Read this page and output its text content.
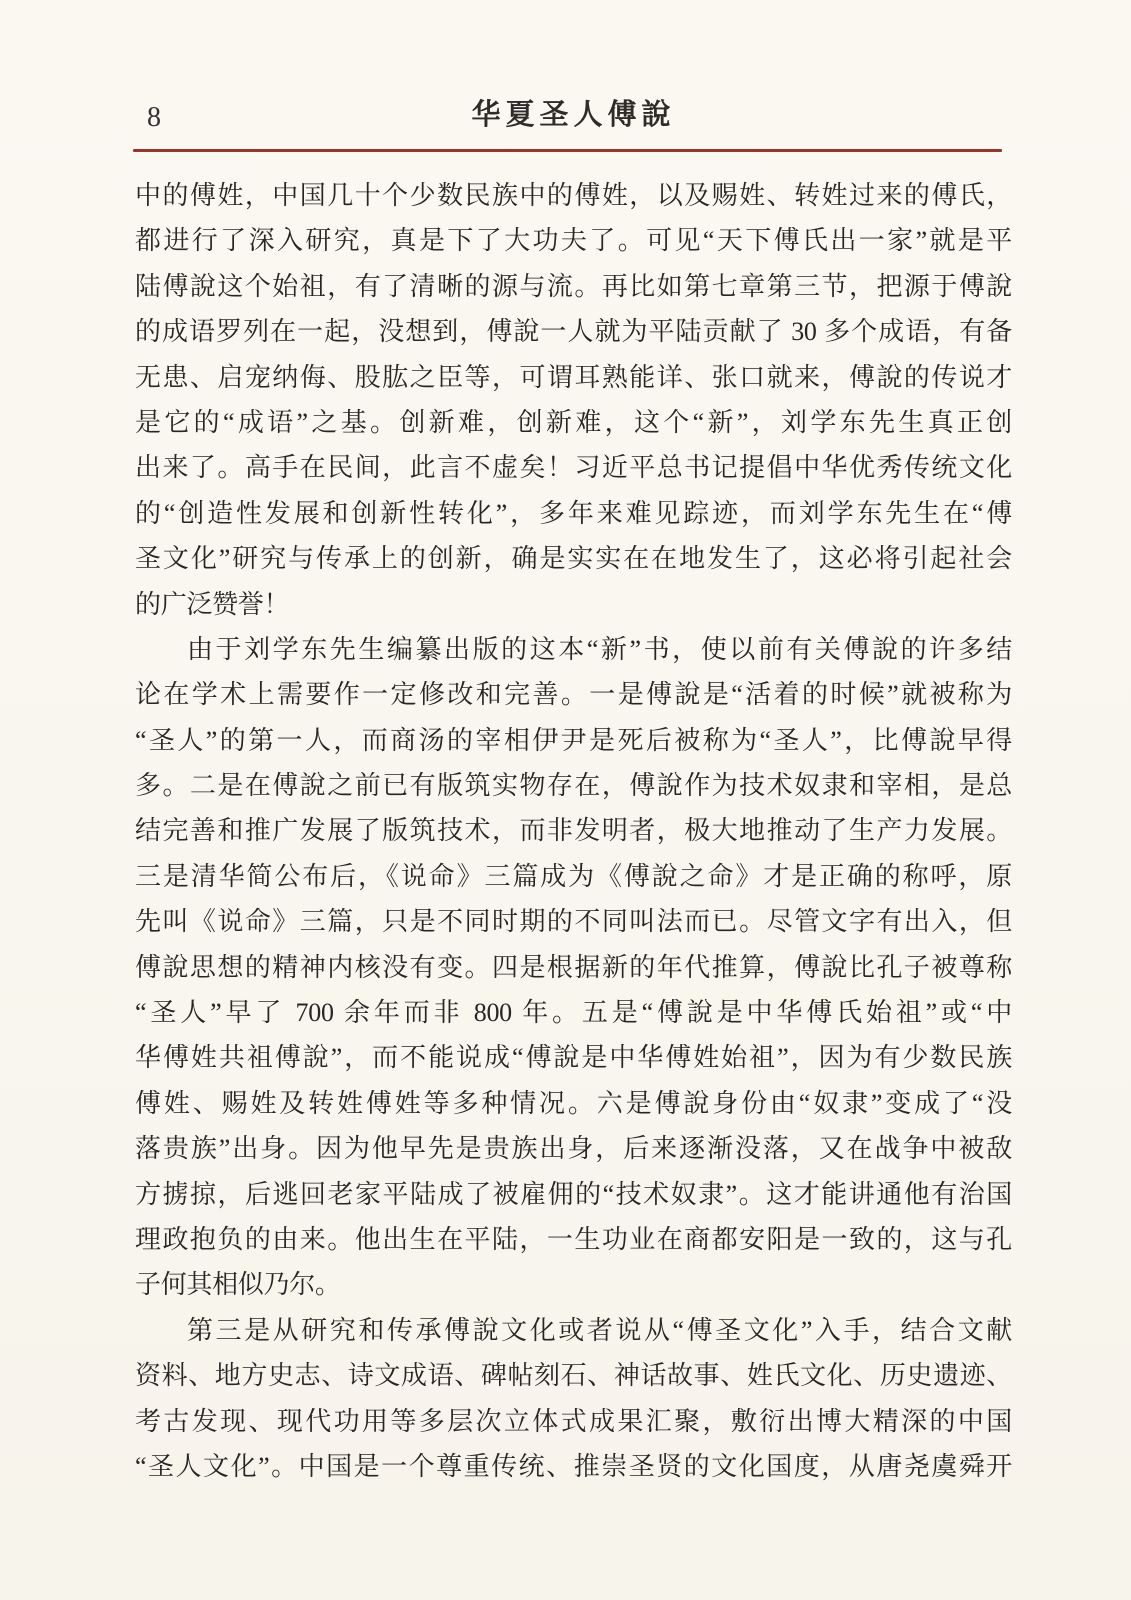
8	华夏圣人傅說
中的傅姓，中国几十个少数民族中的傅姓，以及赐姓、转姓过来的傅氏，
都进行了深入研究，真是下了大功夫了。可见“天下傅氏出一家”就是平
陆傅說这个始祖，有了清晰的源与流。再比如第七章第三节，把源于傅說
的成语罗列在一起，没想到，傅說一人就为平陆贡献了 30 多个成语，有备
无患、启宠纳侮、股肱之臣等，可谓耳熟能详、张口就来，傅說的传说才
是它的“成语”之基。创新难，创新难，这个“新”，刘学东先生真正创
出来了。高手在民间，此言不虚矣！习近平总书记提倡中华优秀传统文化
的“创造性发展和创新性转化”，多年来难见踪迹，而刘学东先生在“傅
圣文化”研究与传承上的创新，确是实实在在地发生了，这必将引起社会
的广泛赞誉！
由于刘学东先生编纂出版的这本“新”书，使以前有关傅說的许多结
论在学术上需要作一定修改和完善。一是傅說是“活着的时候”就被称为
“圣人”的第一人，而商汤的宰相伊尹是死后被称为“圣人”，比傅說早得
多。二是在傅說之前已有版筑实物存在，傅說作为技术奴隶和宰相，是总
结完善和推广发展了版筑技术，而非发明者，极大地推动了生产力发展。
三是清华简公布后，《说命》三篇成为《傅說之命》才是正确的称呼，原
先叫《说命》三篇，只是不同时期的不同叫法而已。尽管文字有出入，但
傅說思想的精神内核没有变。四是根据新的年代推算，傅說比孔子被尊称
“圣人”早了 700 余年而非 800 年。五是“傅說是中华傅氏始祖”或“中
华傅姓共祖傅說”，而不能说成“傅說是中华傅姓始祖”，因为有少数民族
傅姓、赐姓及转姓傅姓等多种情况。六是傅說身份由“奴隶”变成了“没
落贵族”出身。因为他早先是贵族出身，后来逐渐没落，又在战争中被敌
方掳掠，后逃回老家平陆成了被雇佣的“技术奴隶”。这才能讲通他有治国
理政抱负的由来。他出生在平陆，一生功业在商都安阳是一致的，这与孔
子何其相似乃尔。
第三是从研究和传承傅說文化或者说从“傅圣文化”入手，结合文献
资料、地方史志、诗文成语、碑帖刻石、神话故事、姓氏文化、历史遗迹、
考古发现、现代功用等多层次立体式成果汇聚，敷衍出博大精深的中国
“圣人文化”。中国是一个尊重传统、推崇圣贤的文化国度，从唐尧虞舜开
